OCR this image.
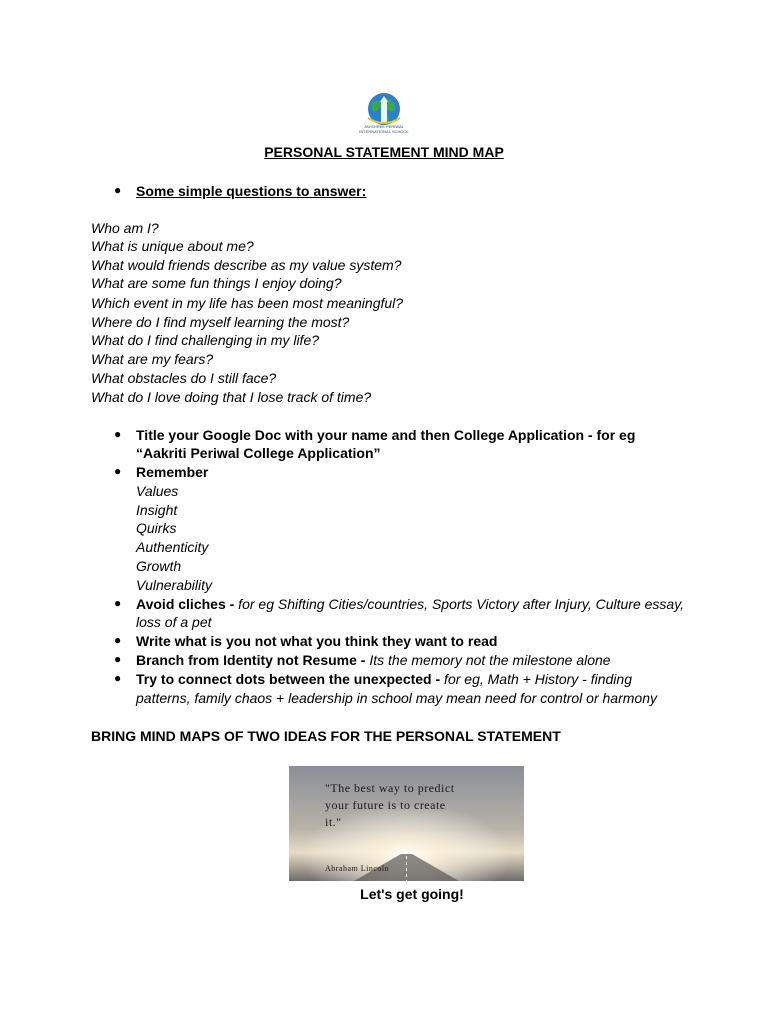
JAYSHREE PERIWAL INTERNATIONAL SCHOOL
PERSONAL STATEMENT MIND MAP
● Some simple questions to answer:
Who am I?
What is unique about me?
What would friends describe as my value system?
What are some fun things I enjoy doing?
Which event in my life has been most meaningful?
Where do I find myself learning the most?
What do I find challenging in my life?
What are my fears?
What obstacles do I still face?
What do I love doing that I lose track of time?
● Title your Google Doc with your name and then College Application - for eg
“Aakriti Periwal College Application”
● Remember
Values
Insight
Quirks
Authenticity
Growth
Vulnerability
● Avoid cliches - for eg Shifting Cities/countries, Sports Victory after Injury, Culture essay,
loss of a pet
● Write what is you not what you think they want to read
● Branch from Identity not Resume - Its the memory not the milestone alone
● Try to connect dots between the unexpected - for eg, Math + History - finding
patterns, family chaos + leadership in school may mean need for control or harmony
BRING MIND MAPS OF TWO IDEAS FOR THE PERSONAL STATEMENT
"The best way to predict
your future is to create
it."
Abraham Lincoln
Let's get going!
